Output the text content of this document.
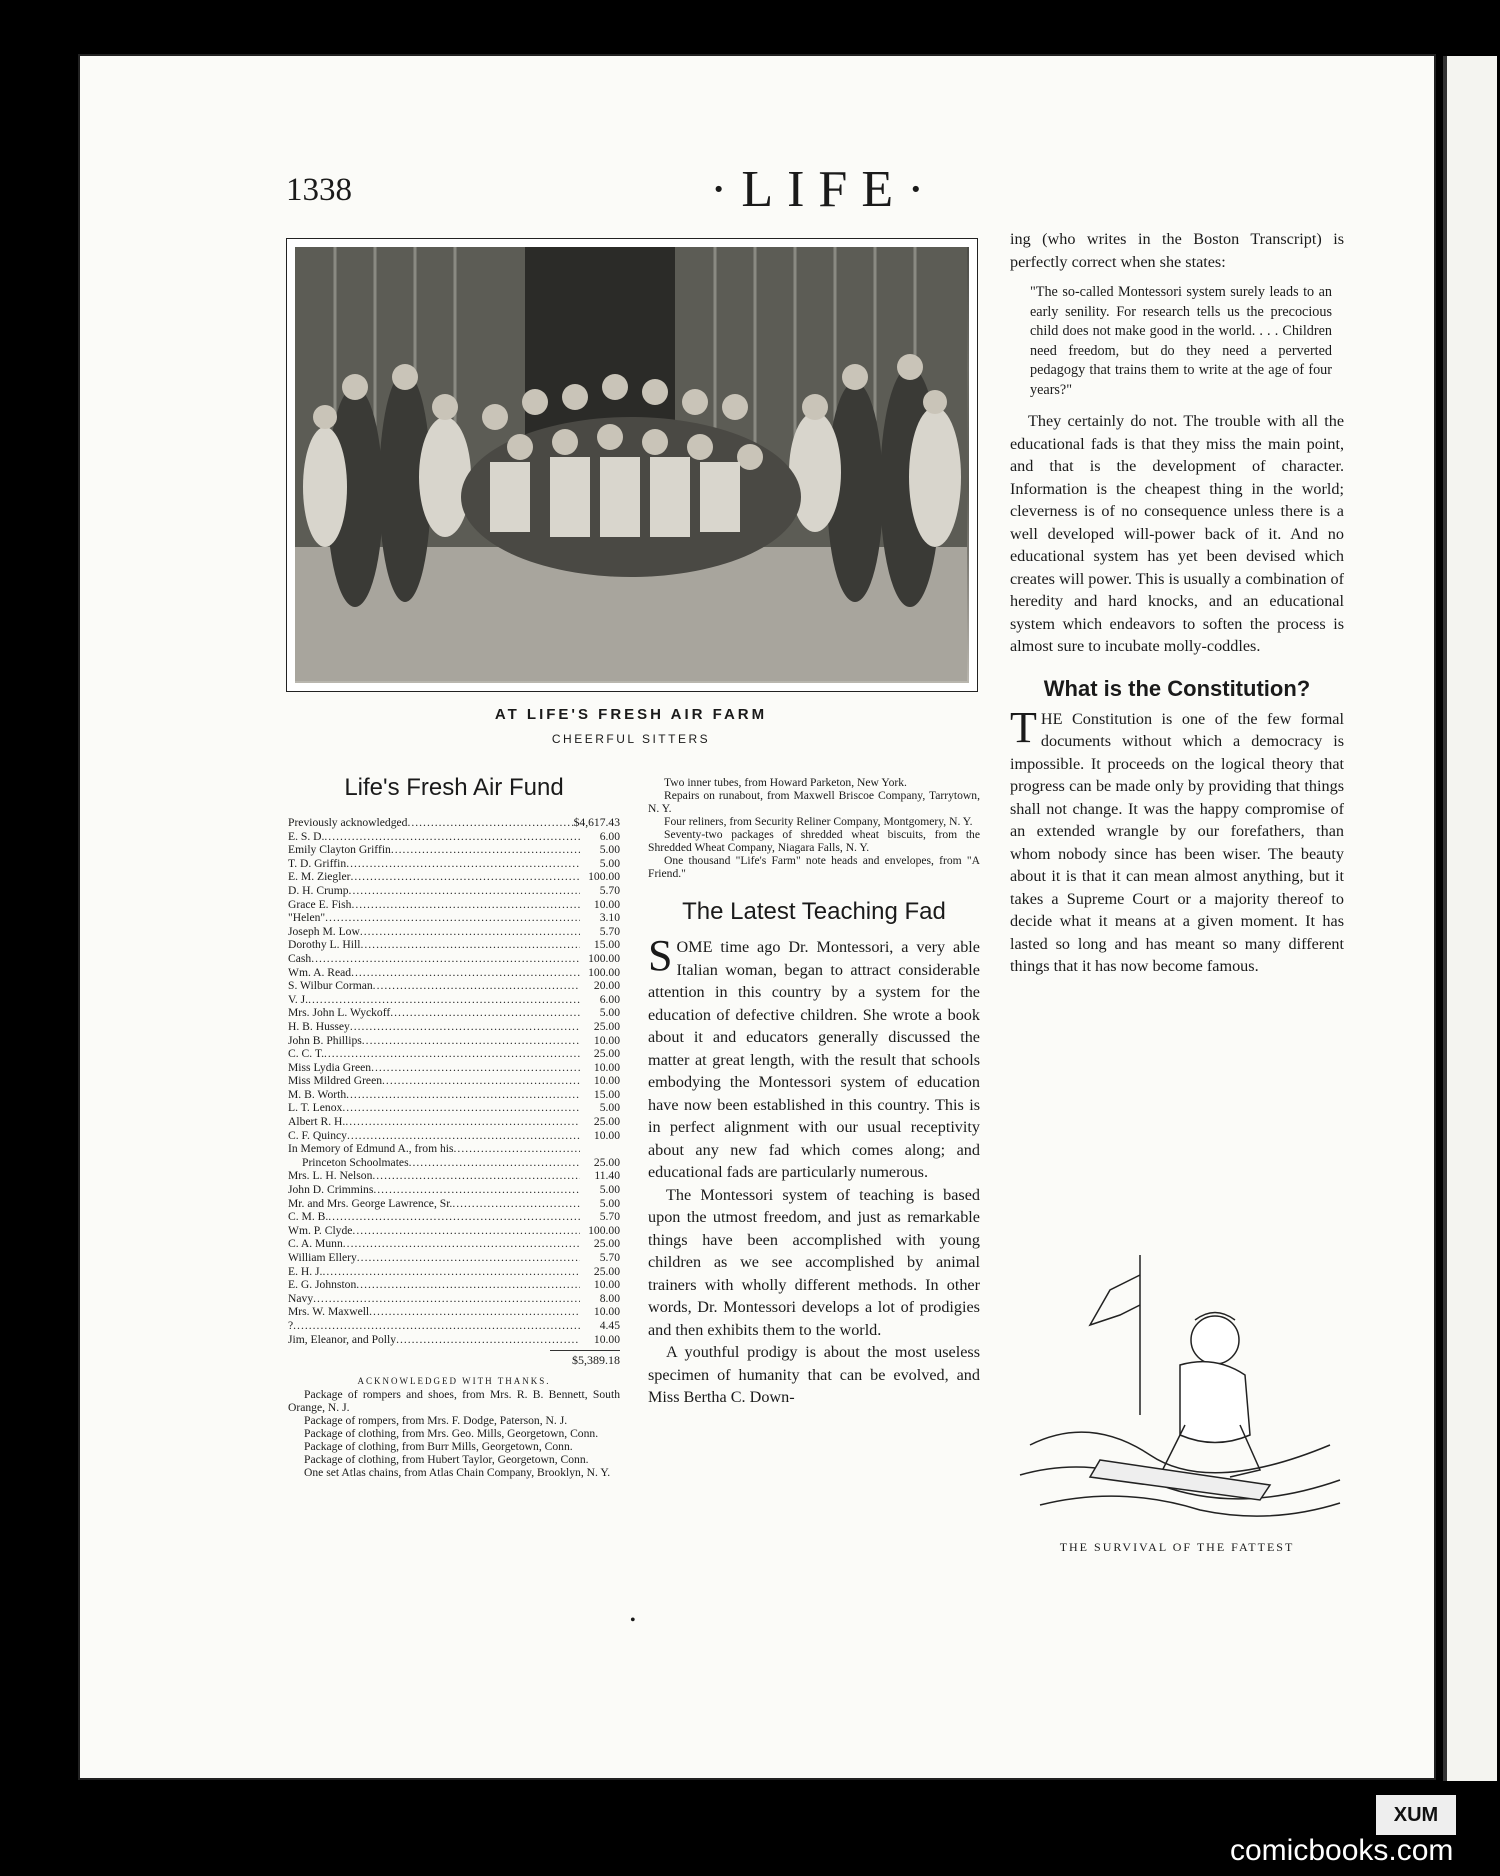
1338	·LIFE·
AT LIFE'S FRESH AIR FARM
CHEERFUL SITTERS
Life's Fresh Air Fund
Previously acknowledged .....	$4,617.43
E. S. D. .....	6.00
Emily Clayton Griffin .....	5.00
T. D. Griffin .....	5.00
E. M. Ziegler .....	100.00
D. H. Crump .....	5.70
Grace E. Fish .....	10.00
"Helen" .....	3.10
Joseph M. Low .....	5.70
Dorothy L. Hill .....	15.00
Cash .....	100.00
Wm. A. Read .....	100.00
S. Wilbur Corman .....	20.00
V. J. .....	6.00
Mrs. John L. Wyckoff .....	5.00
H. B. Hussey .....	25.00
John B. Phillips .....	10.00
C. C. T. .....	25.00
Miss Lydia Green .....	10.00
Miss Mildred Green .....	10.00
M. B. Worth .....	15.00
L. T. Lenox .....	5.00
Albert R. H. .....	25.00
C. F. Quincy .....	10.00
In Memory of Edmund A., from his
.....
Princeton Schoolmates .....	25.00
Mrs. L. H. Nelson .....	11.40
John D. Crimmins .....	5.00
Mr. and Mrs. George Lawrence, Sr. .....	5.00
C. M. B. .....	5.70
Wm. P. Clyde .....	100.00
C. A. Munn .....	25.00
William Ellery .....	5.70
E. H. J. .....	25.00
E. G. Johnston .....	10.00
Navy .....	8.00
Mrs. W. Maxwell .....	10.00
? .....	4.45
Jim, Eleanor, and Polly .....	10.00
$5,389.18
ACKNOWLEDGED WITH THANKS.

Package of rompers and shoes, from Mrs. R. B. Bennett, South Orange, N. J.

Package of rompers, from Mrs. F. Dodge, Paterson, N. J.

Package of clothing, from Mrs. Geo. Mills, Georgetown, Conn.

Package of clothing, from Burr Mills, Georgetown, Conn.

Package of clothing, from Hubert Taylor, Georgetown, Conn.

One set Atlas chains, from Atlas Chain Company, Brooklyn, N. Y.

Two inner tubes, from Howard Parketon, New York.

Repairs on runabout, from Maxwell Briscoe Company, Tarrytown, N. Y.

Four reliners, from Security Reliner Company, Montgomery, N. Y.

Seventy-two packages of shredded wheat biscuits, from the Shredded Wheat Company, Niagara Falls, N. Y.

One thousand "Life's Farm" note heads and envelopes, from "A Friend."

The Latest Teaching Fad

SOME time ago Dr. Montessori, a very able Italian woman, began to attract considerable attention in this country by a system for the education of defective children. She wrote a book about it and educators generally discussed the matter at great length, with the result that schools embodying the Montessori system of education have now been established in this country. This is in perfect alignment with our usual receptivity about any new fad which comes along; and educational fads are particularly numerous.

The Montessori system of teaching is based upon the utmost freedom, and just as remarkable things have been accomplished with young children as we see accomplished by animal trainers with wholly different methods. In other words, Dr. Montessori develops a lot of prodigies and then exhibits them to the world.

A youthful prodigy is about the most useless specimen of humanity that can be evolved, and Miss Bertha C. Down-

ing (who writes in the Boston Transcript) is perfectly correct when she states:
"The so-called Montessori system surely leads to an early senility. For research tells us the precocious child does not make good in the world. . . . Children need freedom, but do they need a perverted pedagogy that trains them to write at the age of four years?"

They certainly do not. The trouble with all the educational fads is that they miss the main point, and that is the development of character. Information is the cheapest thing in the world; cleverness is of no consequence unless there is a well developed will-power back of it. And no educational system has yet been devised which creates will power. This is usually a combination of heredity and hard knocks, and an educational system which endeavors to soften the process is almost sure to incubate molly-coddles.

What is the Constitution?

THE Constitution is one of the few formal documents without which a democracy is impossible. It proceeds on the logical theory that progress can be made only by providing that things shall not change. It was the happy compromise of an extended wrangle by our forefathers, than whom nobody since has been wiser. The beauty about it is that it can mean almost anything, but it takes a Supreme Court or a majority thereof to decide what it means at a given moment. It has lasted so long and has meant so many different things that it has now become famous.

THE SURVIVAL OF THE FATTEST
•
XUM
comicbooks.com
